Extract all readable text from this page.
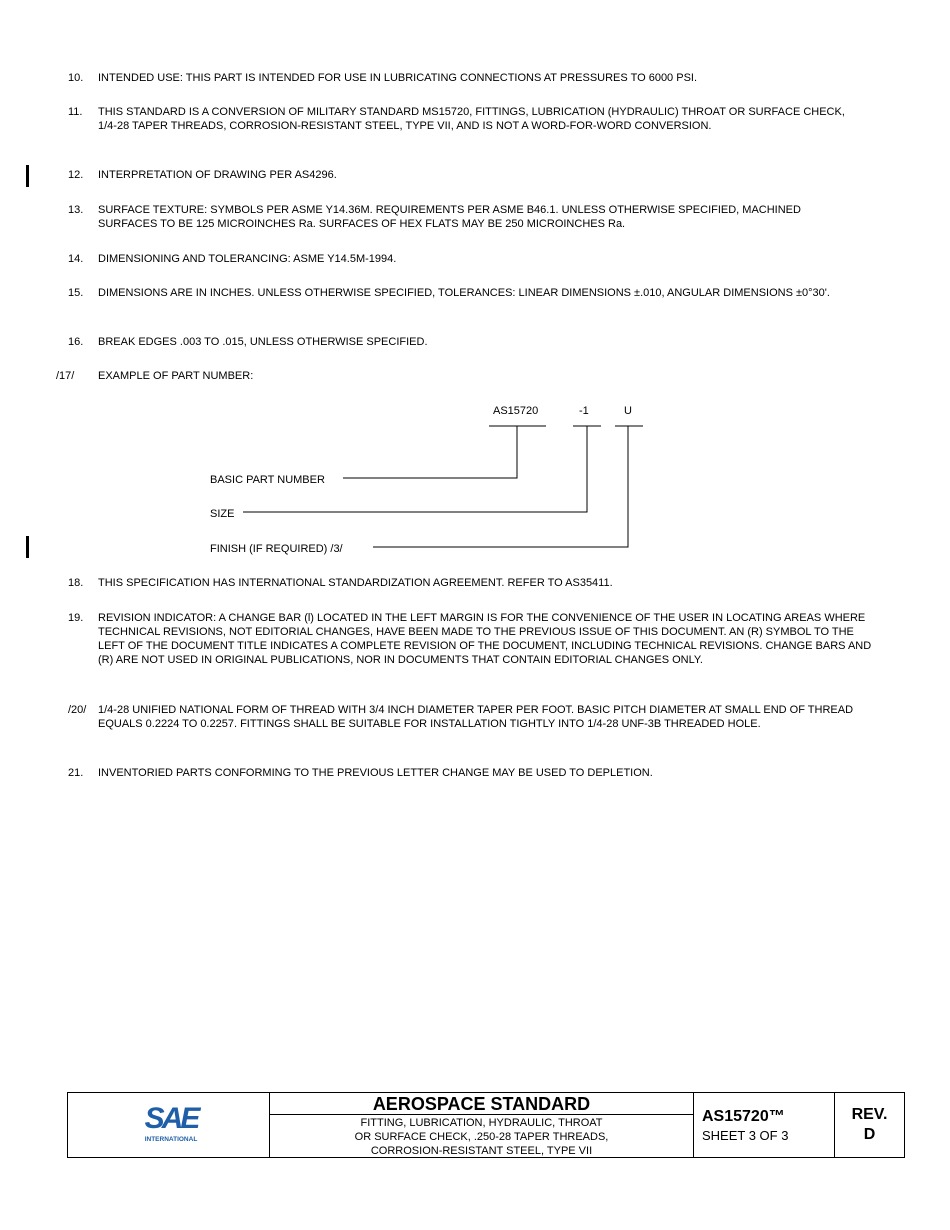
10.	INTENDED USE: THIS PART IS INTENDED FOR USE IN LUBRICATING CONNECTIONS AT PRESSURES TO 6000 PSI.
11.	THIS STANDARD IS A CONVERSION OF MILITARY STANDARD MS15720, FITTINGS, LUBRICATION (HYDRAULIC) THROAT OR SURFACE CHECK, 1/4-28 TAPER THREADS, CORROSION-RESISTANT STEEL, TYPE VII, AND IS NOT A WORD-FOR-WORD CONVERSION.
12.	INTERPRETATION OF DRAWING PER AS4296.
13.	SURFACE TEXTURE: SYMBOLS PER ASME Y14.36M. REQUIREMENTS PER ASME B46.1. UNLESS OTHERWISE SPECIFIED, MACHINED SURFACES TO BE 125 MICROINCHES Ra. SURFACES OF HEX FLATS MAY BE 250 MICROINCHES Ra.
14.	DIMENSIONING AND TOLERANCING: ASME Y14.5M-1994.
15.	DIMENSIONS ARE IN INCHES. UNLESS OTHERWISE SPECIFIED, TOLERANCES: LINEAR DIMENSIONS ±.010, ANGULAR DIMENSIONS ±0°30'.
16.	BREAK EDGES .003 TO .015, UNLESS OTHERWISE SPECIFIED.
/17/	EXAMPLE OF PART NUMBER:
AS15720	-1	U
BASIC PART NUMBER
SIZE
FINISH (IF REQUIRED) /3/
18.	THIS SPECIFICATION HAS INTERNATIONAL STANDARDIZATION AGREEMENT. REFER TO AS35411.
19.	REVISION INDICATOR: A CHANGE BAR (l) LOCATED IN THE LEFT MARGIN IS FOR THE CONVENIENCE OF THE USER IN LOCATING AREAS WHERE TECHNICAL REVISIONS, NOT EDITORIAL CHANGES, HAVE BEEN MADE TO THE PREVIOUS ISSUE OF THIS DOCUMENT. AN (R) SYMBOL TO THE LEFT OF THE DOCUMENT TITLE INDICATES A COMPLETE REVISION OF THE DOCUMENT, INCLUDING TECHNICAL REVISIONS. CHANGE BARS AND (R) ARE NOT USED IN ORIGINAL PUBLICATIONS, NOR IN DOCUMENTS THAT CONTAIN EDITORIAL CHANGES ONLY.
/20/	1/4-28 UNIFIED NATIONAL FORM OF THREAD WITH 3/4 INCH DIAMETER TAPER PER FOOT. BASIC PITCH DIAMETER AT SMALL END OF THREAD EQUALS 0.2224 TO 0.2257. FITTINGS SHALL BE SUITABLE FOR INSTALLATION TIGHTLY INTO 1/4-28 UNF-3B THREADED HOLE.
21.	INVENTORIED PARTS CONFORMING TO THE PREVIOUS LETTER CHANGE MAY BE USED TO DEPLETION.
SAE
INTERNATIONAL
AEROSPACE STANDARD
FITTING, LUBRICATION, HYDRAULIC, THROAT
OR SURFACE CHECK, .250-28 TAPER THREADS,
CORROSION-RESISTANT STEEL, TYPE VII
AS15720™
SHEET 3 OF 3
REV.
D
